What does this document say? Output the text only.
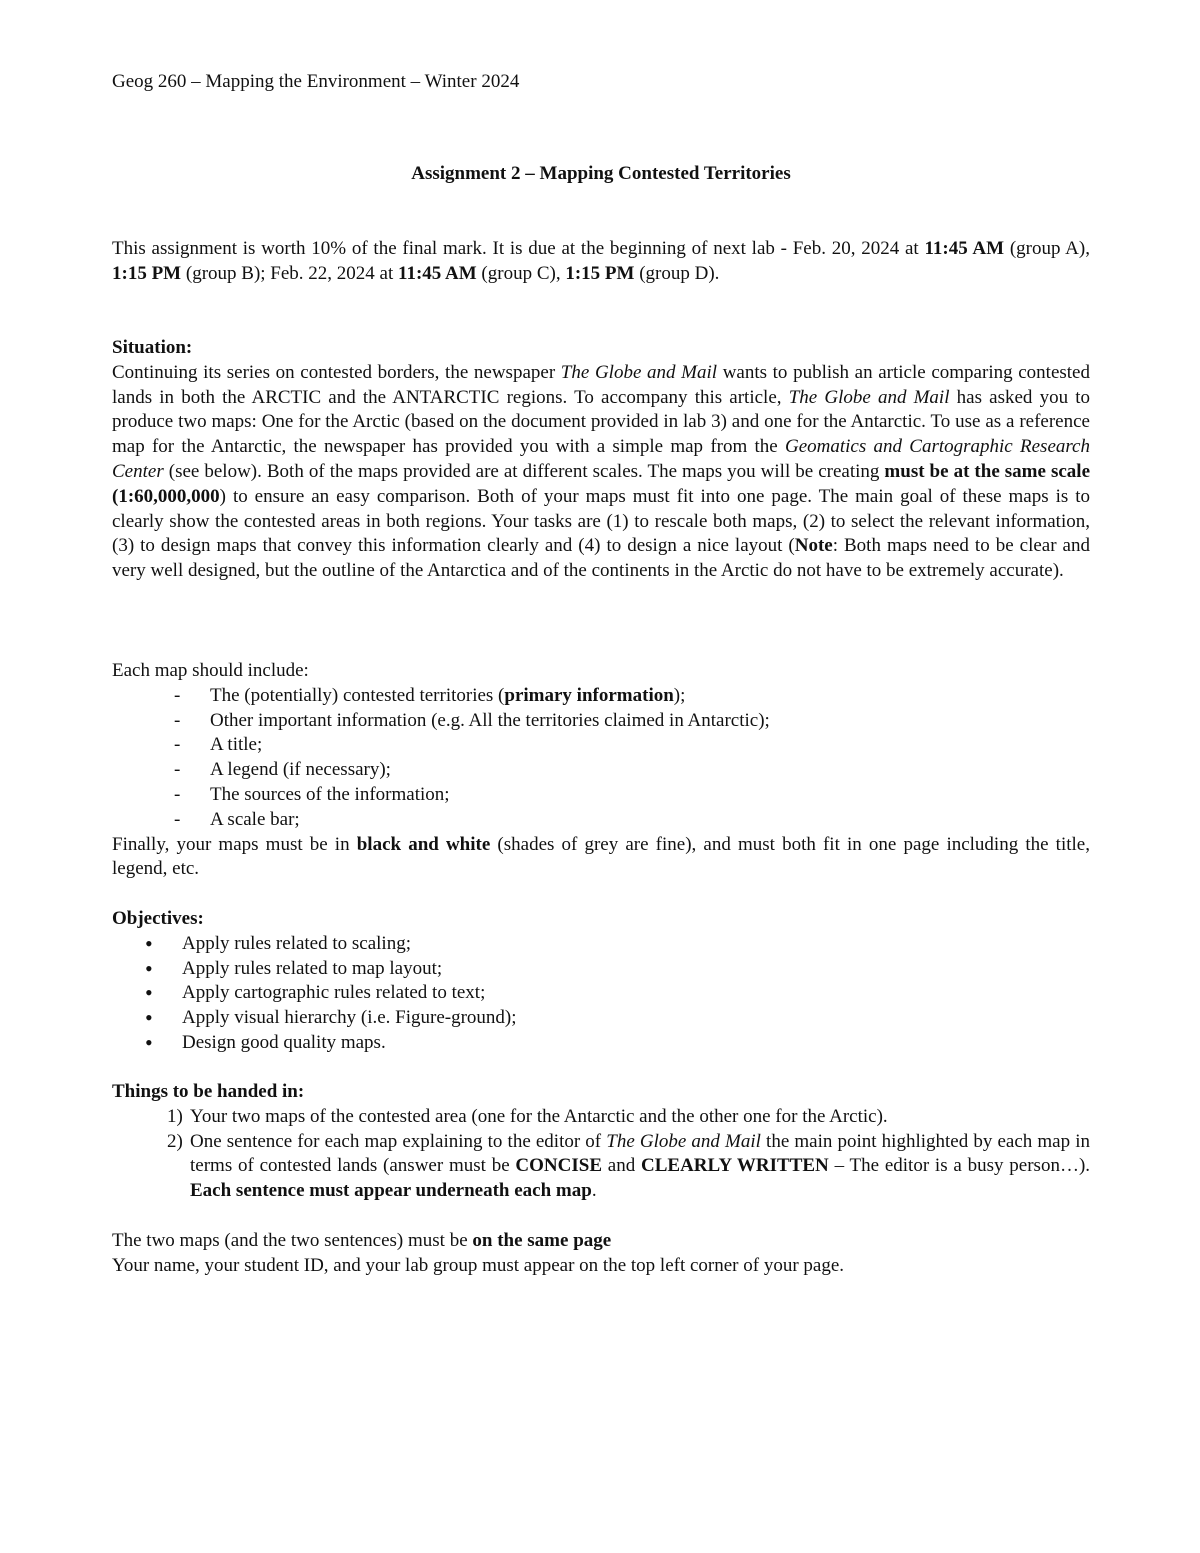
Geog 260 – Mapping the Environment – Winter 2024
Assignment 2 – Mapping Contested Territories

This assignment is worth 10% of the final mark. It is due at the beginning of next lab - Feb. 20, 2024 at 11:45 AM (group A), 1:15 PM (group B); Feb. 22, 2024 at 11:45 AM (group C), 1:15 PM (group D).

Situation:

Continuing its series on contested borders, the newspaper The Globe and Mail wants to publish an article comparing contested lands in both the ARCTIC and the ANTARCTIC regions. To accompany this article, The Globe and Mail has asked you to produce two maps: One for the Arctic (based on the document provided in lab 3) and one for the Antarctic. To use as a reference map for the Antarctic, the newspaper has provided you with a simple map from the Geomatics and Cartographic Research Center (see below). Both of the maps provided are at different scales. The maps you will be creating must be at the same scale (1:60,000,000) to ensure an easy comparison. Both of your maps must fit into one page. The main goal of these maps is to clearly show the contested areas in both regions. Your tasks are (1) to rescale both maps, (2) to select the relevant information, (3) to design maps that convey this information clearly and (4) to design a nice layout (Note: Both maps need to be clear and very well designed, but the outline of the Antarctica and of the continents in the Arctic do not have to be extremely accurate).

Each map should include:

- The (potentially) contested territories (primary information);
- Other important information (e.g. All the territories claimed in Antarctic);
- A title;
- A legend (if necessary);
- The sources of the information;
- A scale bar;

Finally, your maps must be in black and white (shades of grey are fine), and must both fit in one page including the title, legend, etc.

Objectives:
• Apply rules related to scaling;
• Apply rules related to map layout;
• Apply cartographic rules related to text;
• Apply visual hierarchy (i.e. Figure-ground);
• Design good quality maps.
Things to be handed in:
1) Your two maps of the contested area (one for the Antarctic and the other one for the Arctic).
2) One sentence for each map explaining to the editor of The Globe and Mail the main point highlighted by each map in terms of contested lands (answer must be CONCISE and CLEARLY WRITTEN – The editor is a busy person…). Each sentence must appear underneath each map.

The two maps (and the two sentences) must be on the same page

Your name, your student ID, and your lab group must appear on the top left corner of your page.
